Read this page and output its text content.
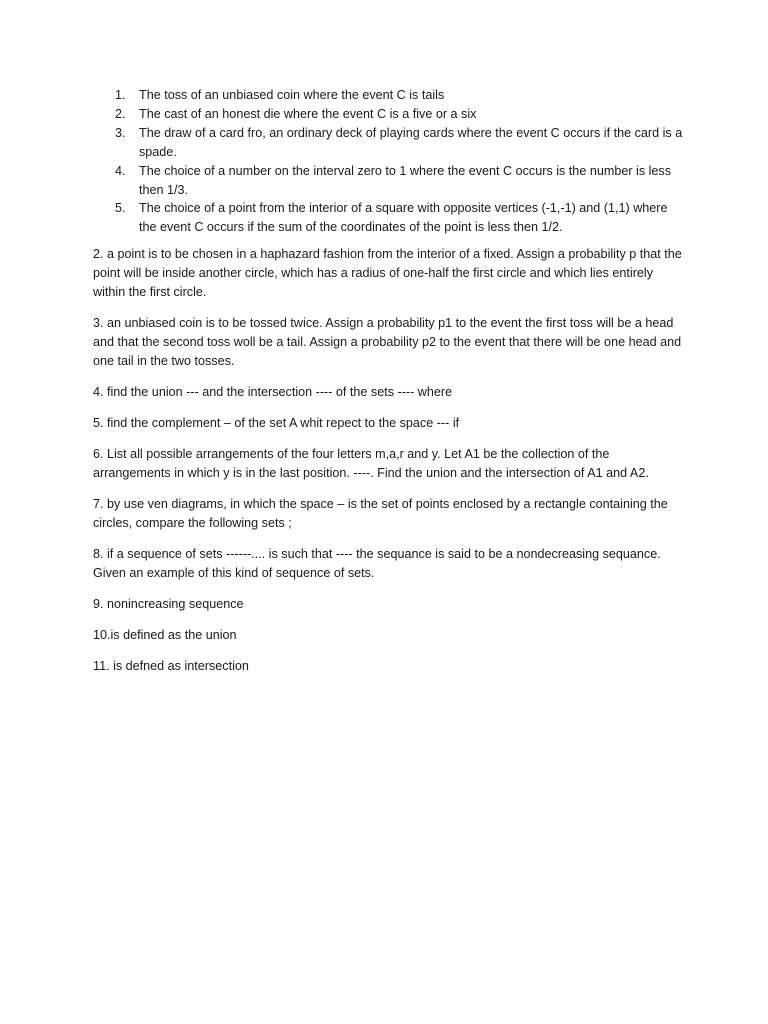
1.	The toss of an unbiased coin where the event C is tails
2.	The cast of an honest die where the event C is a five or a six
3.	The draw of a card fro, an ordinary deck of playing cards where the event C occurs if the card is a spade.
4.	The choice of a number on the interval zero to 1 where the event C occurs is the number is less then 1/3.
5.	The choice of a point from the interior of a square with opposite vertices (-1,-1) and (1,1) where the event C occurs if the sum of the coordinates of the point is less then 1/2.

2. a point is to be chosen in a haphazard fashion from the interior of a fixed. Assign a probability p that the point will be inside another circle, which has a radius of one-half the first circle and which lies entirely within the first circle.

3. an unbiased coin is to be tossed twice. Assign a probability p1 to the event the first toss will be a head and that the second toss woll be a tail. Assign a probability p2 to the event that there will be one head and one tail in the two tosses.

4. find the union --- and the intersection ---- of the sets ---- where

5. find the complement – of the set A whit repect to the space --- if

6. List all possible arrangements of the four letters m,a,r and y. Let A1 be the collection of the arrangements in which y is in the last position. ----. Find the union and the intersection of A1 and A2.

7. by use ven diagrams, in which the space – is the set of points enclosed by a rectangle containing the circles, compare the following sets ;

8. if a sequence of sets ------.... is such that ---- the sequance is said to be a nondecreasing sequance. Given an example of this kind of sequence of sets.

9. nonincreasing sequence

10.is defined as the union

11. is defned as intersection
